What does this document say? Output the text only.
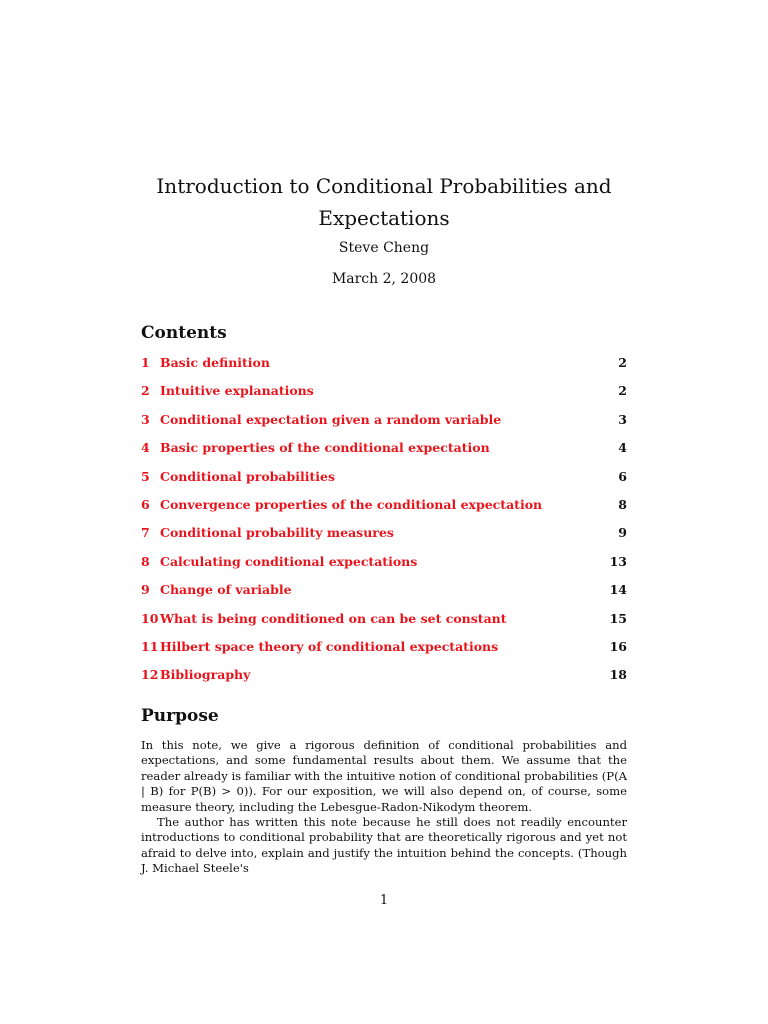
Introduction to Conditional Probabilities and Expectations
Steve Cheng
March 2, 2008
Contents
1 Basic definition	2
2 Intuitive explanations	2
3 Conditional expectation given a random variable	3
4 Basic properties of the conditional expectation	4
5 Conditional probabilities	6
6 Convergence properties of the conditional expectation	8
7 Conditional probability measures	9
8 Calculating conditional expectations	13
9 Change of variable	14
10 What is being conditioned on can be set constant	15
11 Hilbert space theory of conditional expectations	16
12 Bibliography	18
Purpose

In this note, we give a rigorous definition of conditional probabilities and expectations, and some fundamental results about them. We assume that the reader already is familiar with the intuitive notion of conditional probabilities (P(A | B) for P(B) > 0)). For our exposition, we will also depend on, of course, some measure theory, including the Lebesgue-Radon-Nikodym theorem.

The author has written this note because he still does not readily encounter introductions to conditional probability that are theoretically rigorous and yet not afraid to delve into, explain and justify the intuition behind the concepts. (Though J. Michael Steele's

1
